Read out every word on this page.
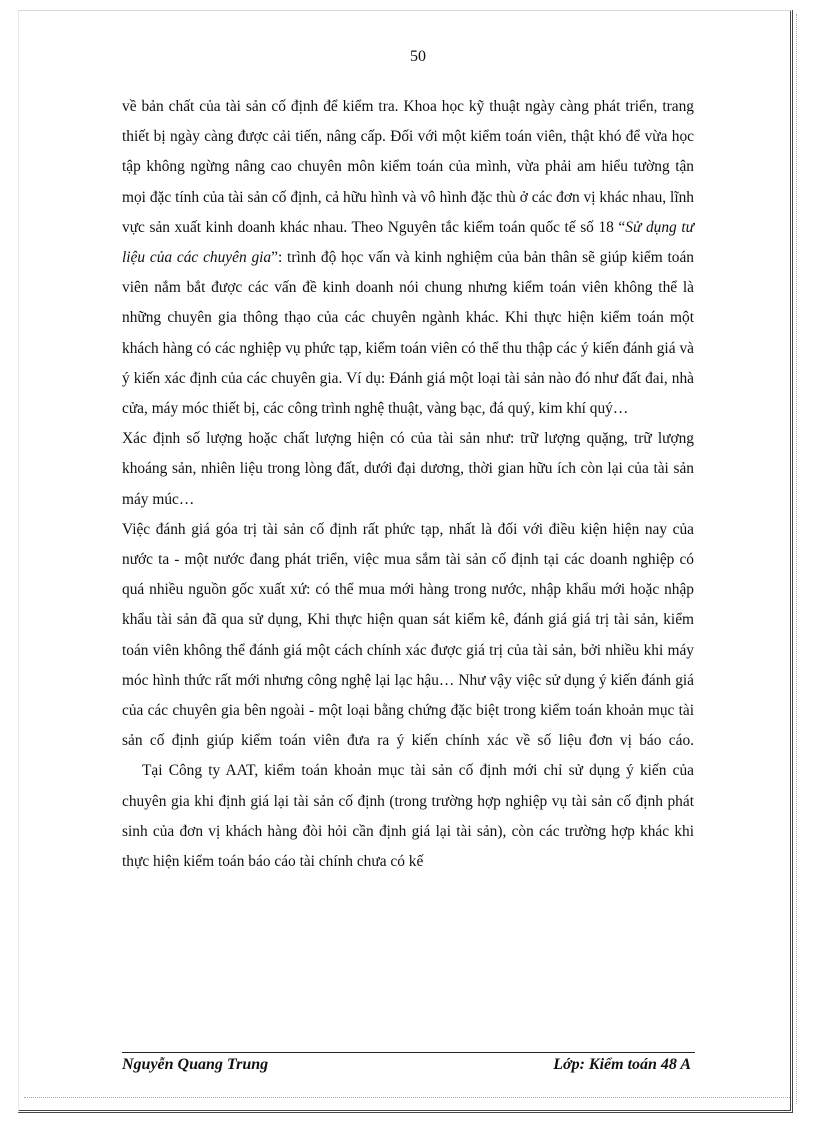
50

về bản chất của tài sản cố định để kiểm tra. Khoa học kỹ thuật ngày càng phát triển, trang thiết bị ngày càng được cải tiến, nâng cấp. Đối với một kiểm toán viên, thật khó để vừa học tập không ngừng nâng cao chuyên môn kiểm toán của mình, vừa phải am hiểu tường tận mọi đặc tính của tài sản cố định, cả hữu hình và vô hình đặc thù ở các đơn vị khác nhau, lĩnh vực sản xuất kinh doanh khác nhau. Theo Nguyên tắc kiểm toán quốc tế số 18 “Sử dụng tư liệu của các chuyên gia”: trình độ học vấn và kinh nghiệm của bản thân sẽ giúp kiểm toán viên nắm bắt được các vấn đề kinh doanh nói chung nhưng kiểm toán viên không thể là những chuyên gia thông thạo của các chuyên ngành khác. Khi thực hiện kiểm toán một khách hàng có các nghiệp vụ phức tạp, kiểm toán viên có thể thu thập các ý kiến đánh giá và ý kiến xác định của các chuyên gia. Ví dụ: Đánh giá một loại tài sản nào đó như đất đai, nhà cửa, máy móc thiết bị, các công trình nghệ thuật, vàng bạc, đá quý, kim khí quý…

Xác định số lượng hoặc chất lượng hiện có của tài sản như: trữ lượng quặng, trữ lượng khoáng sản, nhiên liệu trong lòng đất, dưới đại dương, thời gian hữu ích còn lại của tài sản máy múc…

Việc đánh giá góa trị tài sản cố định rất phức tạp, nhất là đối với điều kiện hiện nay của nước ta - một nước đang phát triển, việc mua sắm tài sản cố định tại các doanh nghiệp có quá nhiều nguồn gốc xuất xứ: có thể mua mới hàng trong nước, nhập khẩu mới hoặc nhập khẩu tài sản đã qua sử dụng, Khi thực hiện quan sát kiểm kê, đánh giá giá trị tài sản, kiểm toán viên không thể đánh giá một cách chính xác được giá trị của tài sản, bởi nhiều khi máy móc hình thức rất mới nhưng công nghệ lại lạc hậu… Như vậy việc sử dụng ý kiến đánh giá của các chuyên gia bên ngoài - một loại bằng chứng đặc biệt trong kiểm toán khoản mục tài sản cố định giúp kiểm toán viên đưa ra ý kiến chính xác về số liệu đơn vị báo cáo.

Tại Công ty AAT, kiểm toán khoản mục tài sản cố định mới chỉ sử dụng ý kiến của chuyên gia khi định giá lại tài sản cố định (trong trường hợp nghiệp vụ tài sản cố định phát sinh của đơn vị khách hàng đòi hỏi cần định giá lại tài sản), còn các trường hợp khác khi thực hiện kiểm toán báo cáo tài chính chưa có kế

Nguyễn Quang Trung	Lớp: Kiểm toán 48 A
